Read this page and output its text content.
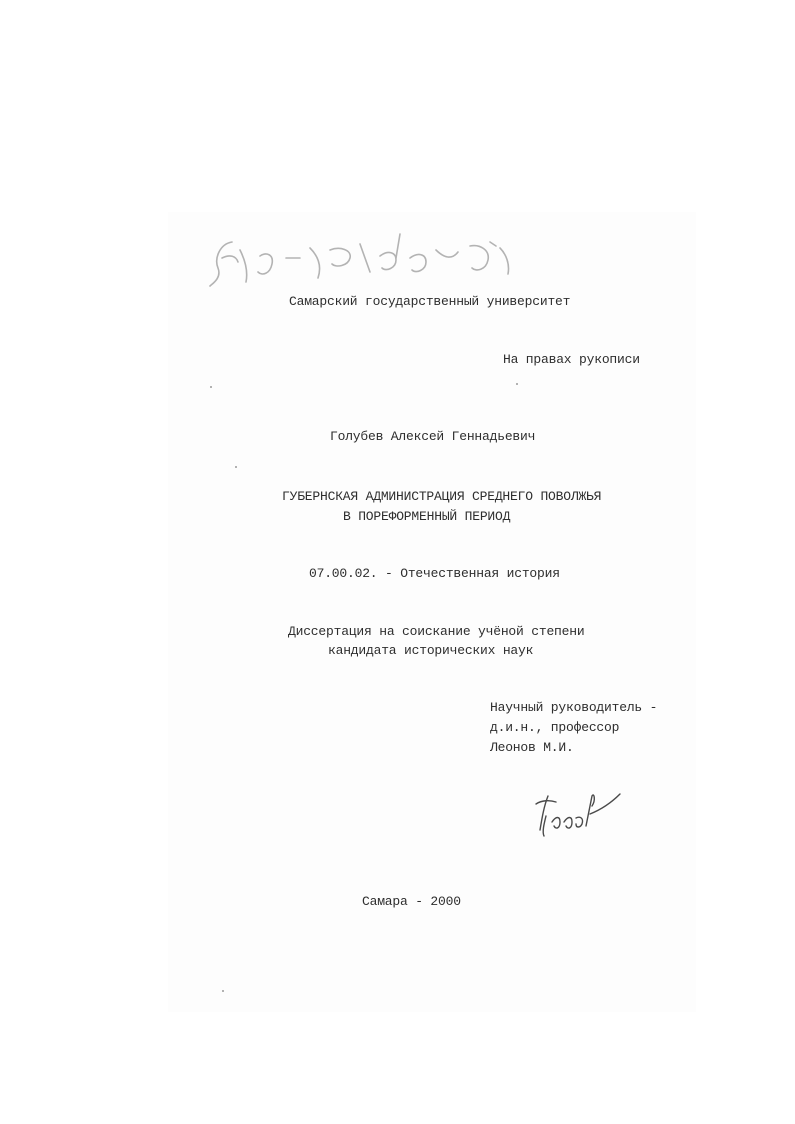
Самарский государственный университет
На правах рукописи
Голубев Алексей Геннадьевич
ГУБЕРНСКАЯ АДМИНИСТРАЦИЯ СРЕДНЕГО ПОВОЛЖЬЯ
В ПОРЕФОРМЕННЫЙ ПЕРИОД
07.00.02. - Отечественная история
Диссертация на соискание учёной степени
кандидата исторических наук
Научный руководитель -
д.и.н., профессор
Леонов М.И.
Самара - 2000
